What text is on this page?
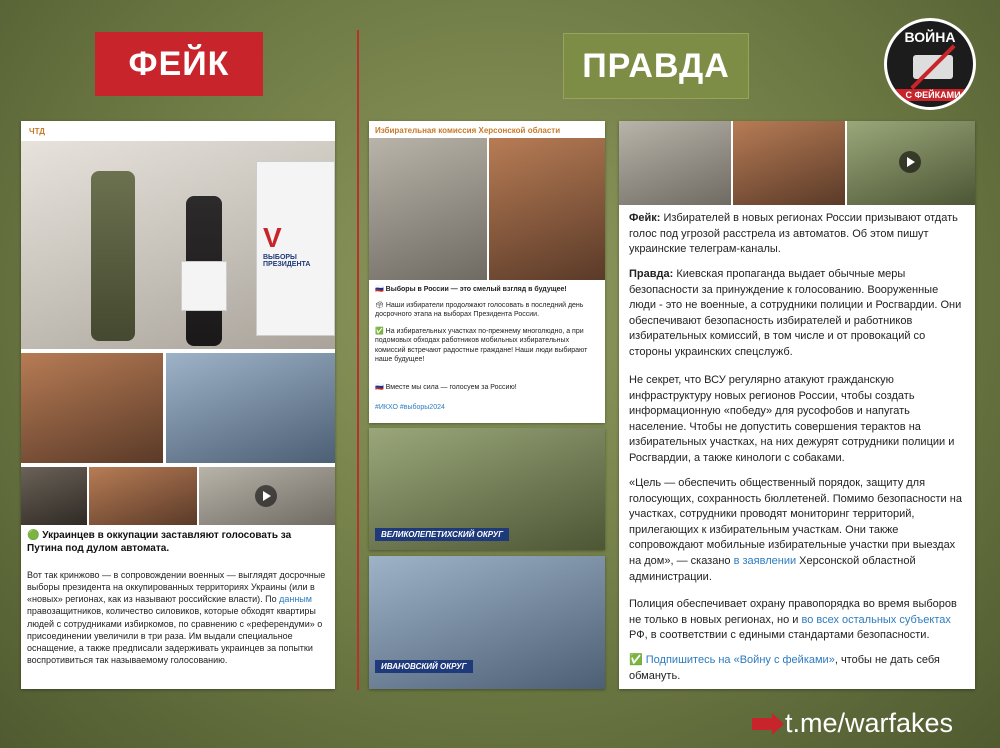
ФЕЙК	ПРАВДА
ВОЙНА
С ФЕЙКАМИ
ЧТД
V
ВЫБОРЫ ПРЕЗИДЕНТА
🟢 Украинцев в оккупации заставляют голосовать за Путина под дулом автомата.
Вот так кринжово — в сопровождении военных — выглядят досрочные выборы президента на оккупированных территориях Украины (или в «новых» регионах, как из называют российские власти). По данным правозащитников, количество силовиков, которые обходят квартиры людей с сотрудниками избиркомов, по сравнению с «референдуми» о присоединении увеличили в три раза. Им выдали специальное оснащение, а также предписали задерживать украинцев за попытки воспротивиться так называемому голосованию.
Избирательная комиссия Херсонской области
🇷🇺 Выборы в России — это смелый взгляд в будущее!
🗳 Наши избиратели продолжают голосовать в последний день досрочного этапа на выборах Президента России.
✅ На избирательных участках по-прежнему многолюдно, а при подомовых обходах работников мобильных избирательных комиссий встречают радостные граждане! Наши люди выбирают наше будущее!
🇷🇺 Вместе мы сила — голосуем за Россию!
#ИКХО #выборы2024
ВЕЛИКОЛЕПЕТИХСКИЙ ОКРУГ
ИВАНОВСКИЙ ОКРУГ
Фейк: Избирателей в новых регионах России призывают отдать голос под угрозой расстрела из автоматов. Об этом пишут украинские телеграм-каналы.
Правда: Киевская пропаганда выдает обычные меры безопасности за принуждение к голосованию. Вооруженные люди - это не военные, а сотрудники полиции и Росгвардии. Они обеспечивают безопасность избирателей и работников избирательных комиссий, в том числе и от провокаций со стороны украинских спецслужб.
Не секрет, что ВСУ регулярно атакуют гражданскую инфраструктуру новых регионов России, чтобы создать информационную «победу» для русофобов и напугать население. Чтобы не допустить совершения терактов на избирательных участках, на них дежурят сотрудники полиции и Росгвардии, а также кинологи с собаками.
«Цель — обеспечить общественный порядок, защиту для голосующих, сохранность бюллетеней. Помимо безопасности на участках, сотрудники проводят мониторинг территорий, прилегающих к избирательным участкам. Они также сопровождают мобильные избирательные участки при выездах на дом», — сказано в заявлении Херсонской областной администрации.
Полиция обеспечивает охрану правопорядка во время выборов не только в новых регионах, но и во всех остальных субъектах РФ, в соответствии с едиными стандартами безопасности.
✅ Подпишитесь на «Войну с фейками», чтобы не дать себя обмануть.
t.me/warfakes
